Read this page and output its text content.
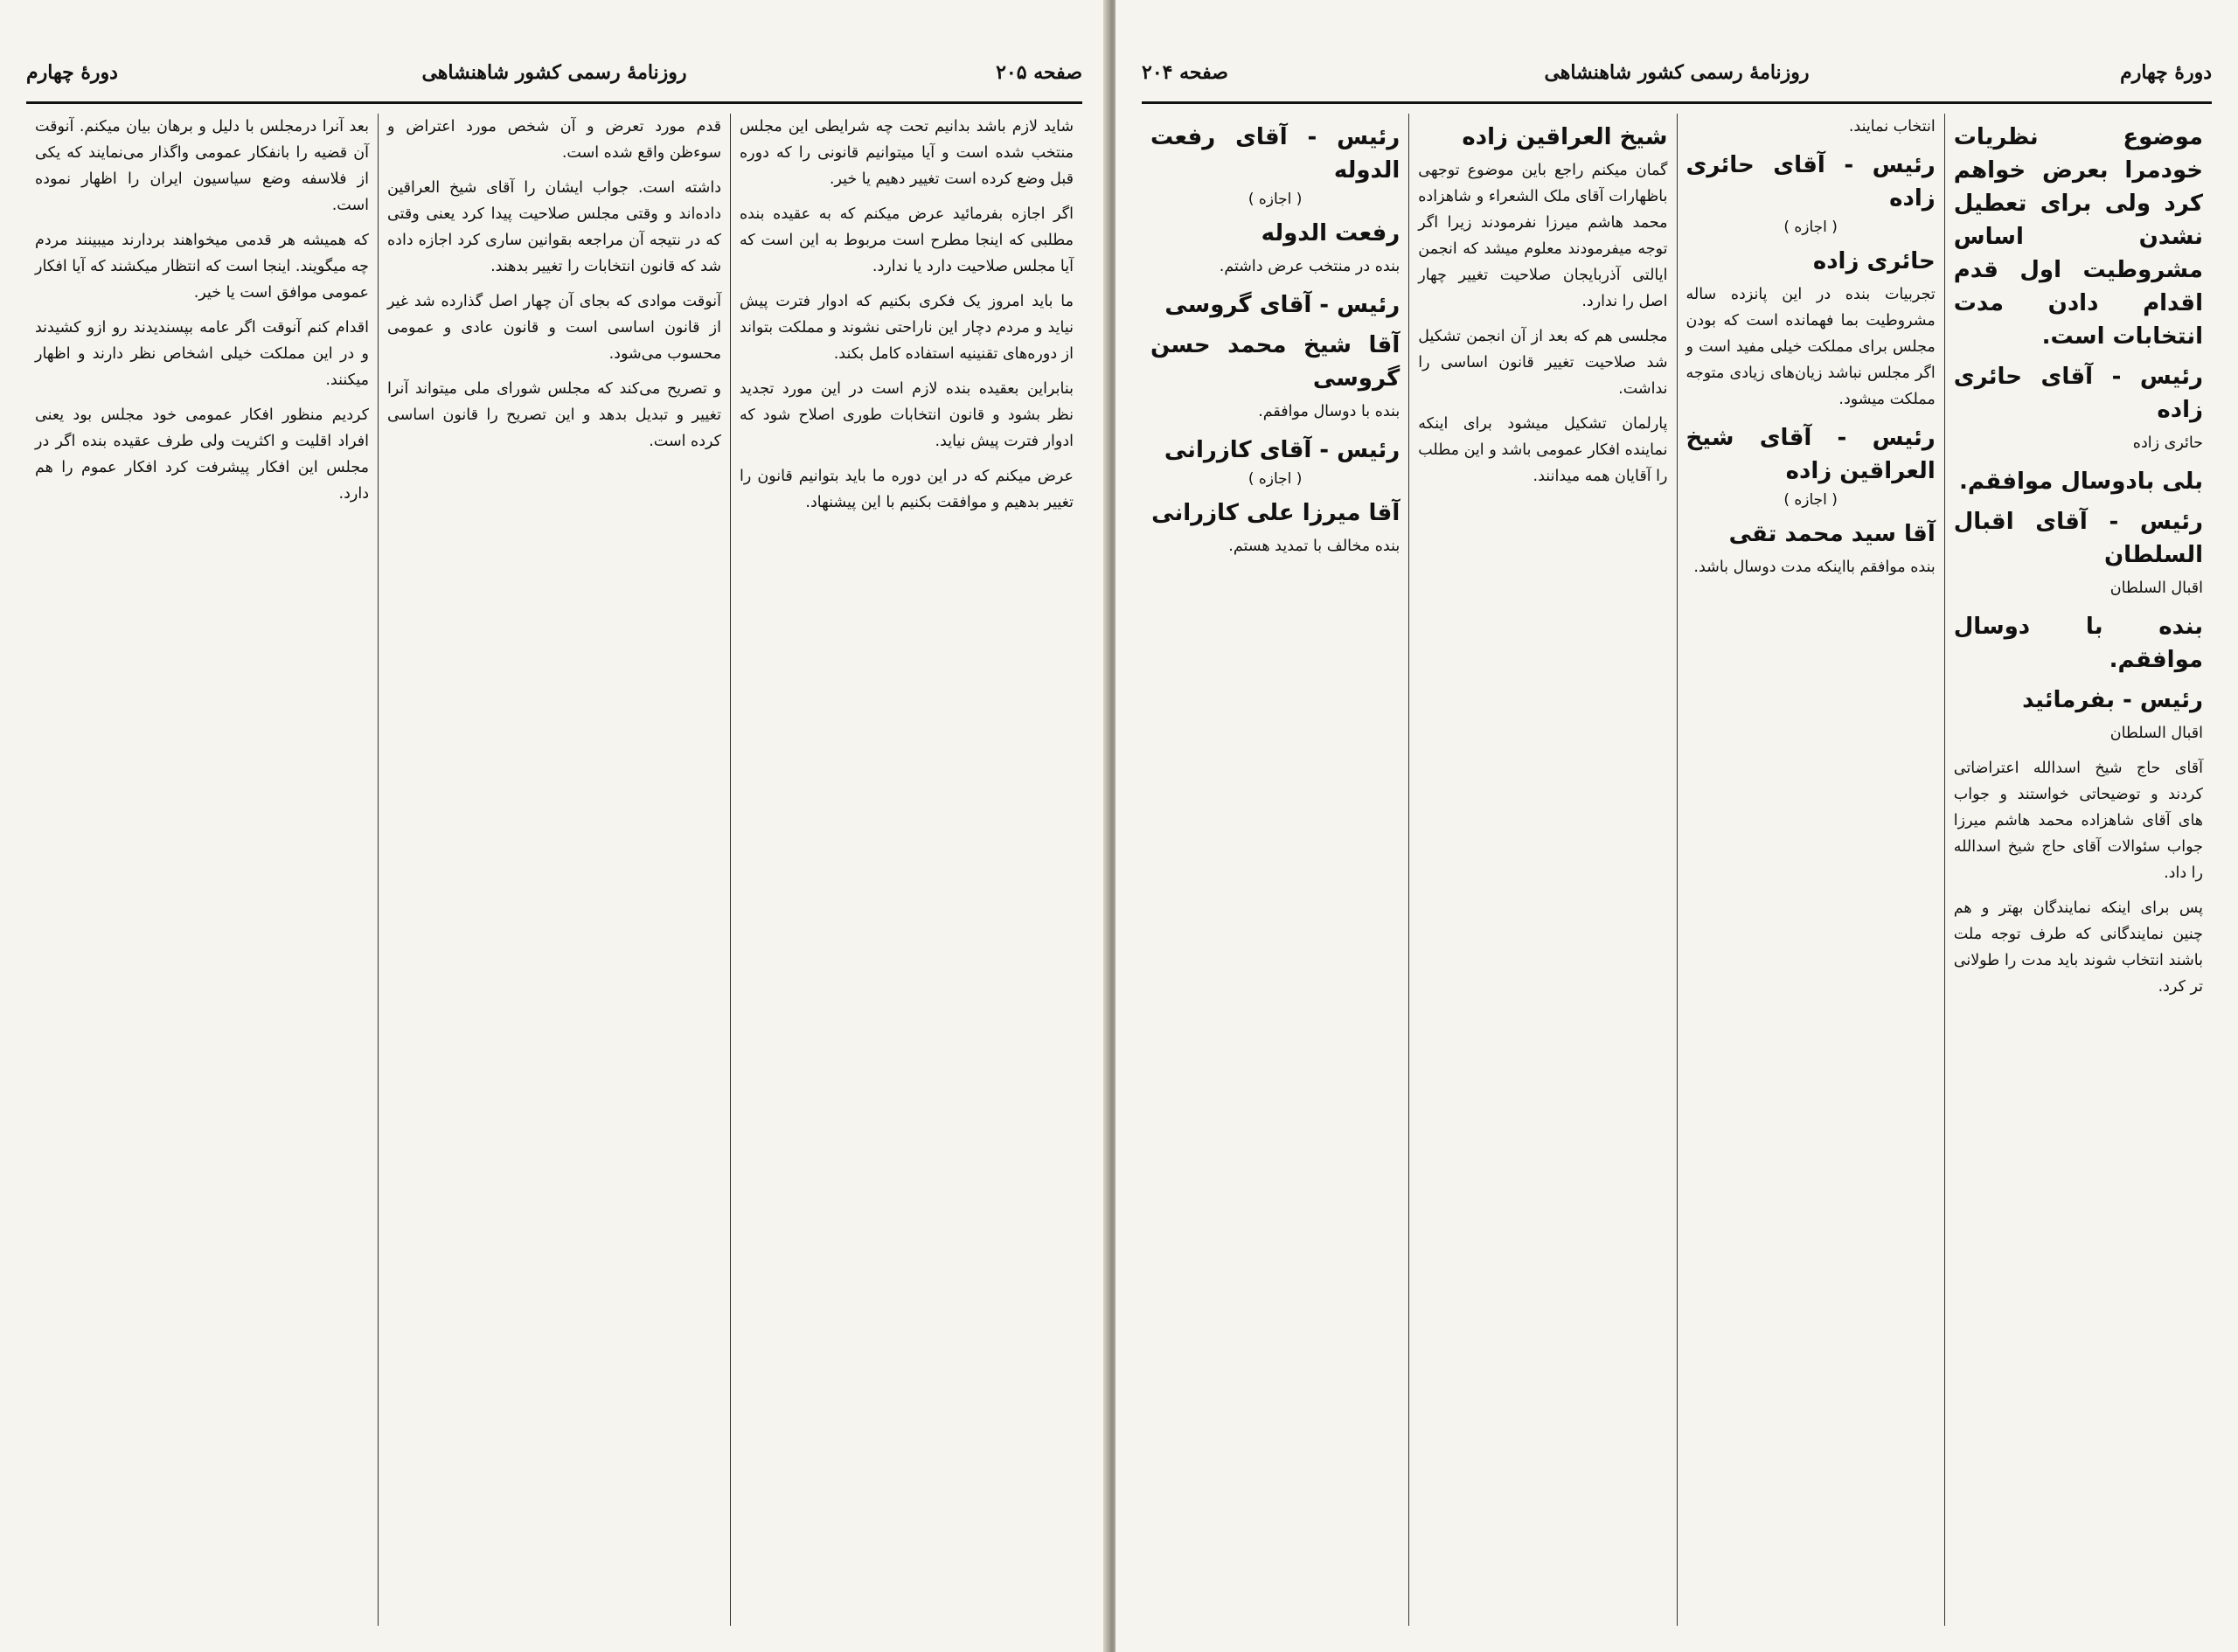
صفحه ۲۰۵
روزنامهٔ رسمی کشور شاهنشاهی
دورهٔ چهارم

شاید لازم باشد بدانیم تحت چه شرایطی این مجلس منتخب شده است و آیا میتوانیم قانونی را که دوره قبل وضع کرده است تغییر دهیم یا خیر.

اگر اجازه بفرمائید عرض میکنم که به عقیده بنده مطلبی که اینجا مطرح است مربوط به این است که آیا مجلس صلاحیت دارد یا ندارد.

ما باید امروز یک فکری بکنیم که ادوار فترت پیش نیاید و مردم دچار این ناراحتی نشوند و مملکت بتواند از دوره‌های تقنینیه استفاده کامل بکند.

بنابراین بعقیده بنده لازم است در این مورد تجدید نظر بشود و قانون انتخابات طوری اصلاح شود که ادوار فترت پیش نیاید.

عرض میکنم که در این دوره ما باید بتوانیم قانون را تغییر بدهیم و موافقت بکنیم با این پیشنهاد.

قدم مورد تعرض و آن شخص مورد اعتراض و سوءظن واقع شده است.

داشته است. جواب ایشان را آقای شیخ العراقین داده‌اند و وقتی مجلس صلاحیت پیدا کرد یعنی وقتی که در نتیجه آن مراجعه بقوانین ساری کرد اجازه داده شد که قانون انتخابات را تغییر بدهند.

آنوقت موادی که بجای آن چهار اصل گذارده شد غیر از قانون اساسی است و قانون عادی و عمومی محسوب می‌شود.

و تصریح می‌کند که مجلس شورای ملی میتواند آنرا تغییر و تبدیل بدهد و این تصریح را قانون اساسی کرده است.

بعد آنرا درمجلس با دلیل و برهان بیان میکنم. آنوقت آن قضیه را بانفکار عمومی واگذار می‌نمایند که یکی از فلاسفه وضع سیاسیون ایران را اظهار نموده است.

که همیشه هر قدمی میخواهند بردارند میبینند مردم چه میگویند. اینجا است که انتظار میکشند که آیا افکار عمومی موافق است یا خیر.

اقدام کنم آنوقت اگر عامه بپسندیدند رو ازو کشیدند و در این مملکت خیلی اشخاص نظر دارند و اظهار میکنند.

کردیم منظور افکار عمومی خود مجلس بود یعنی افراد اقلیت و اکثریت ولی طرف عقیده بنده اگر در مجلس این افکار پیشرفت کرد افکار عموم را هم دارد.

دورهٔ چهارم
روزنامهٔ رسمی کشور شاهنشاهی
صفحه ۲۰۴
موضوع نظریات خودمرا بعرض خواهم کرد ولی برای تعطیل نشدن اساس مشروطیت اول قدم اقدام دادن مدت انتخابات است.
رئیس - آقای حائری زاده

حائری زاده

بلی بادوسال موافقم.
رئیس - آقای اقبال السلطان

اقبال السلطان

بنده با دوسال موافقم.
رئیس - بفرمائید

اقبال السلطان

آقای حاج شیخ اسدالله اعتراضاتی کردند و توضیحاتی خواستند و جواب های آقای شاهزاده محمد هاشم میرزا جواب سئوالات آقای حاج شیخ اسدالله را داد.

پس برای اینکه نمایندگان بهتر و هم چنین نمایندگانی که طرف توجه ملت باشند انتخاب شوند باید مدت را طولانی تر کرد.

انتخاب نمایند.

رئیس - آقای حائری زاده
( اجازه )
حائری زاده

تجربیات بنده در این پانزده ساله مشروطیت بما فهمانده است که بودن مجلس برای مملکت خیلی مفید است و اگر مجلس نباشد زیان‌های زیادی متوجه مملکت میشود.

رئیس - آقای شیخ العراقین زاده
( اجازه )
آقا سید محمد تقی

بنده موافقم بااینکه مدت دوسال باشد.

شیخ العراقین زاده

گمان میکنم راجع باین موضوع توجهی باظهارات آقای ملک الشعراء و شاهزاده محمد هاشم میرزا نفرمودند زیرا اگر توجه میفرمودند معلوم میشد که انجمن ایالتی آذربایجان صلاحیت تغییر چهار اصل را ندارد.

مجلسی هم که بعد از آن انجمن تشکیل شد صلاحیت تغییر قانون اساسی را نداشت.

پارلمان تشکیل میشود برای اینکه نماینده افکار عمومی باشد و این مطلب را آقایان همه میدانند.

رئیس - آقای رفعت الدوله
( اجازه )
رفعت الدوله

بنده در منتخب عرض داشتم.

رئیس - آقای گروسی
آقا شیخ محمد حسن گروسی

بنده با دوسال موافقم.

رئیس - آقای کازرانی
( اجازه )
آقا میرزا علی کازرانی

بنده مخالف با تمدید هستم.
